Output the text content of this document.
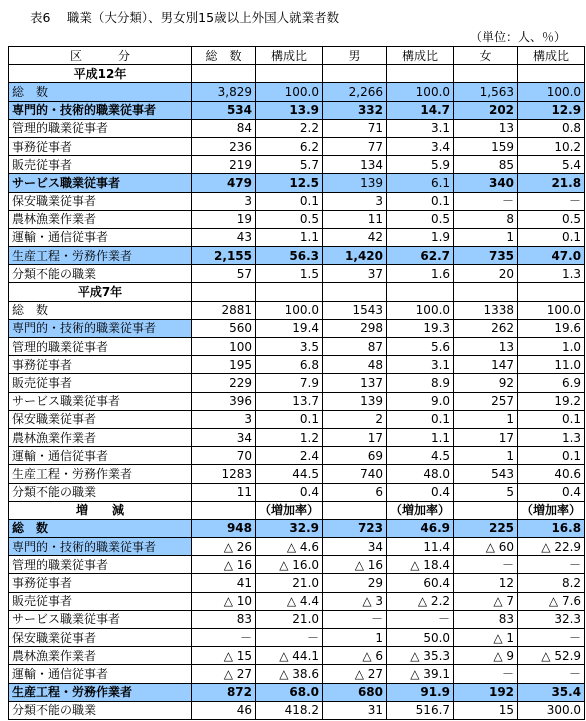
表6　 職業（大分類）、男女別15歳以上外国人就業者数
（単位：人、％）
区　　　分	総　数	構成比	男	構成比	女	構成比
平成12年						
総　数	3,829	100.0	2,266	100.0	1,563	100.0
専門的・技術的職業従事者	534	13.9	332	14.7	202	12.9
管理的職業従事者	84	2.2	71	3.1	13	0.8
事務従事者	236	6.2	77	3.4	159	10.2
販売従事者	219	5.7	134	5.9	85	5.4
サービス職業従事者	479	12.5	139	6.1	340	21.8
保安職業従事者	3	0.1	3	0.1	－	－
農林漁業作業者	19	0.5	11	0.5	8	0.5
運輸・通信従事者	43	1.1	42	1.9	1	0.1
生産工程・労務作業者	2,155	56.3	1,420	62.7	735	47.0
分類不能の職業	57	1.5	37	1.6	20	1.3
平成7年						
総　数	2881	100.0	1543	100.0	1338	100.0
専門的・技術的職業従事者	560	19.4	298	19.3	262	19.6
管理的職業従事者	100	3.5	87	5.6	13	1.0
事務従事者	195	6.8	48	3.1	147	11.0
販売従事者	229	7.9	137	8.9	92	6.9
サービス職業従事者	396	13.7	139	9.0	257	19.2
保安職業従事者	3	0.1	2	0.1	1	0.1
農林漁業作業者	34	1.2	17	1.1	17	1.3
運輸・通信従事者	70	2.4	69	4.5	1	0.1
生産工程・労務作業者	1283	44.5	740	48.0	543	40.6
分類不能の職業	11	0.4	6	0.4	5	0.4
増　　減		（増加率）		（増加率）		（増加率）
総　数	948	32.9	723	46.9	225	16.8
専門的・技術的職業従事者	△ 26	△ 4.6	34	11.4	△ 60	△ 22.9
管理的職業従事者	△ 16	△ 16.0	△ 16	△ 18.4	－	－
事務従事者	41	21.0	29	60.4	12	8.2
販売従事者	△ 10	△ 4.4	△ 3	△ 2.2	△ 7	△ 7.6
サービス職業従事者	83	21.0	－	－	83	32.3
保安職業従事者	－	－	1	50.0	△ 1	－
農林漁業作業者	△ 15	△ 44.1	△ 6	△ 35.3	△ 9	△ 52.9
運輸・通信従事者	△ 27	△ 38.6	△ 27	△ 39.1	－	－
生産工程・労務作業者	872	68.0	680	91.9	192	35.4
分類不能の職業	46	418.2	31	516.7	15	300.0
